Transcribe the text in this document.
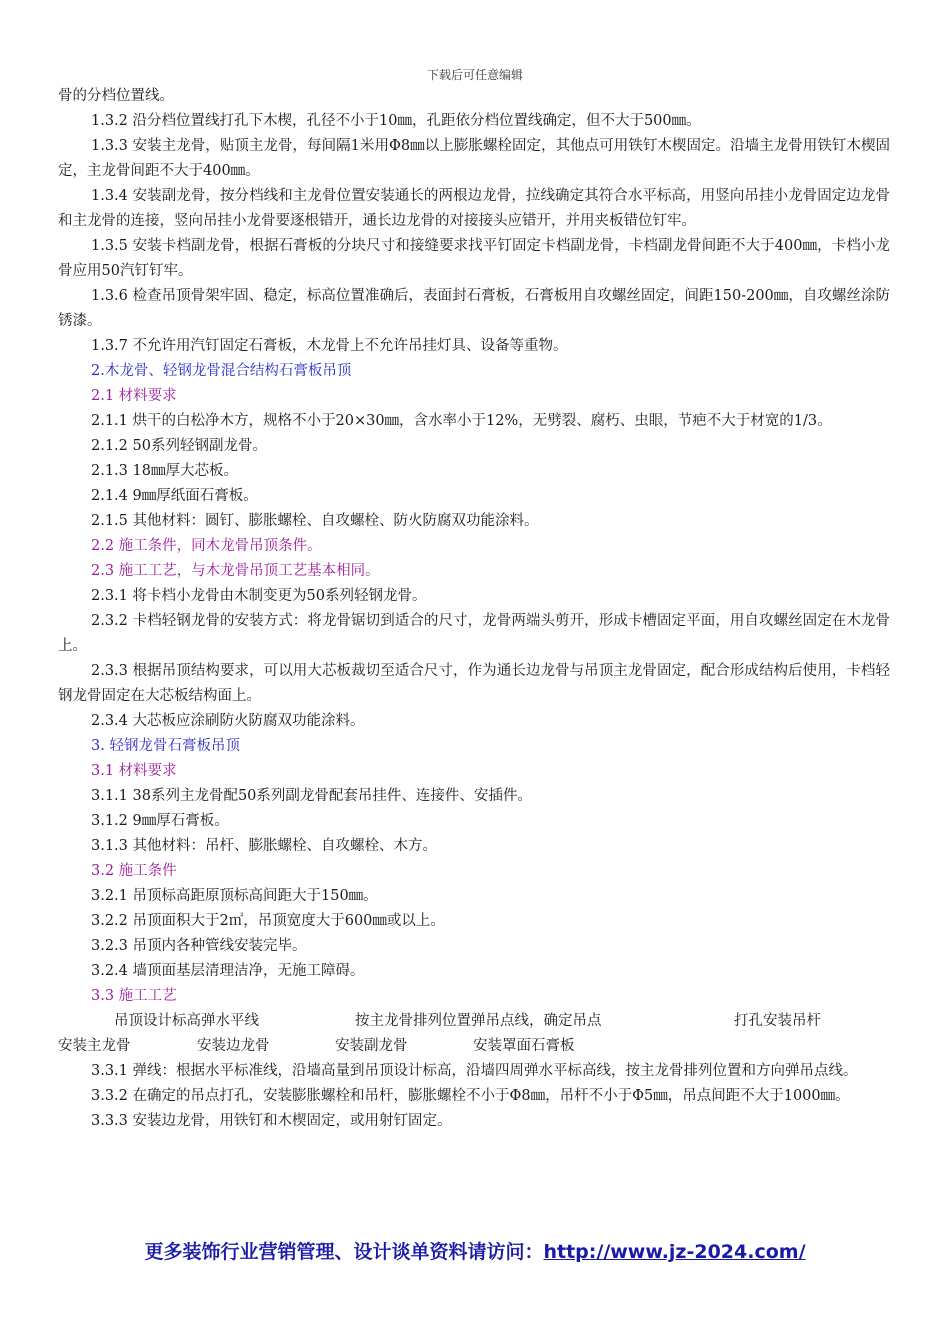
下载后可任意编辑

骨的分档位置线。

1.3.2 沿分档位置线打孔下木楔，孔径不小于10㎜，孔距依分档位置线确定，但不大于500㎜。

1.3.3 安装主龙骨，贴顶主龙骨，每间隔1米用Φ8㎜以上膨胀螺栓固定，其他点可用铁钉木楔固定。沿墙主龙骨用铁钉木楔固定，主龙骨间距不大于400㎜。

1.3.4 安装副龙骨，按分档线和主龙骨位置安装通长的两根边龙骨，拉线确定其符合水平标高，用竖向吊挂小龙骨固定边龙骨和主龙骨的连接，竖向吊挂小龙骨要逐根错开，通长边龙骨的对接接头应错开，并用夹板错位钉牢。

1.3.5 安装卡档副龙骨，根据石膏板的分块尺寸和接缝要求找平钉固定卡档副龙骨，卡档副龙骨间距不大于400㎜，卡档小龙骨应用50汽钉钉牢。

1.3.6 检查吊顶骨架牢固、稳定，标高位置准确后，表面封石膏板，石膏板用自攻螺丝固定，间距150-200㎜，自攻螺丝涂防锈漆。

1.3.7 不允许用汽钉固定石膏板，木龙骨上不允许吊挂灯具、设备等重物。

2.木龙骨、轻钢龙骨混合结构石膏板吊顶

2.1 材料要求

2.1.1 烘干的白松净木方，规格不小于20×30㎜，含水率小于12%，无劈裂、腐朽、虫眼，节疤不大于材宽的1/3。

2.1.2 50系列轻钢副龙骨。

2.1.3 18㎜厚大芯板。

2.1.4 9㎜厚纸面石膏板。

2.1.5 其他材料：圆钉、膨胀螺栓、自攻螺栓、防火防腐双功能涂料。

2.2 施工条件，同木龙骨吊顶条件。

2.3 施工工艺，与木龙骨吊顶工艺基本相同。

2.3.1 将卡档小龙骨由木制变更为50系列轻钢龙骨。

2.3.2 卡档轻钢龙骨的安装方式：将龙骨锯切到适合的尺寸，龙骨两端头剪开，形成卡槽固定平面，用自攻螺丝固定在木龙骨上。

2.3.3 根据吊顶结构要求，可以用大芯板裁切至适合尺寸，作为通长边龙骨与吊顶主龙骨固定，配合形成结构后使用，卡档轻钢龙骨固定在大芯板结构面上。

2.3.4 大芯板应涂刷防火防腐双功能涂料。

3. 轻钢龙骨石膏板吊顶

3.1 材料要求

3.1.1 38系列主龙骨配50系列副龙骨配套吊挂件、连接件、安插件。

3.1.2 9㎜厚石膏板。

3.1.3 其他材料：吊杆、膨胀螺栓、自攻螺栓、木方。

3.2 施工条件

3.2.1 吊顶标高距原顶标高间距大于150㎜。

3.2.2 吊顶面积大于2㎡，吊顶宽度大于600㎜或以上。

3.2.3 吊顶内各种管线安装完毕。

3.2.4 墙顶面基层清理洁净，无施工障碍。

3.3 施工工艺

吊顶设计标高弹水平线	按主龙骨排列位置弹吊点线，确定吊点	打孔安装吊杆
安装主龙骨	安装边龙骨	安装副龙骨	安装罩面石膏板

3.3.1 弹线：根据水平标准线，沿墙高量到吊顶设计标高，沿墙四周弹水平标高线，按主龙骨排列位置和方向弹吊点线。

3.3.2 在确定的吊点打孔，安装膨胀螺栓和吊杆，膨胀螺栓不小于Φ8㎜，吊杆不小于Φ5㎜，吊点间距不大于1000㎜。

3.3.3 安装边龙骨，用铁钉和木楔固定，或用射钉固定。

更多装饰行业营销管理、设计谈单资料请访问：http://www.jz-2024.com/
